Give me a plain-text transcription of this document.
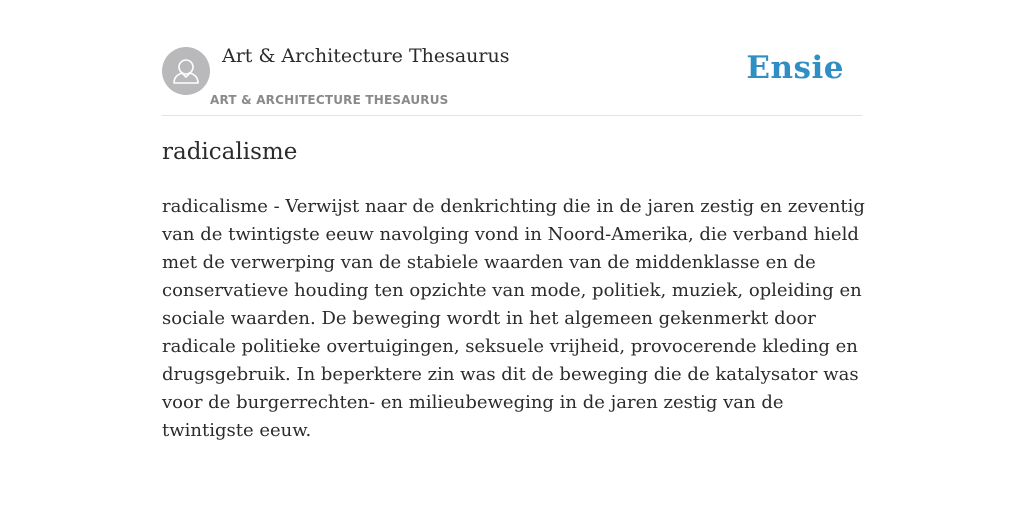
Art & Architecture Thesaurus
ART & ARCHITECTURE THESAURUS
Ensie
radicalisme

radicalisme - Verwijst naar de denkrichting die in de jaren zestig en zeventig van de twintigste eeuw navolging vond in Noord-Amerika, die verband hield met de verwerping van de stabiele waarden van de middenklasse en de conservatieve houding ten opzichte van mode, politiek, muziek, opleiding en sociale waarden. De beweging wordt in het algemeen gekenmerkt door radicale politieke overtuigingen, seksuele vrijheid, provocerende kleding en drugsgebruik. In beperktere zin was dit de beweging die de katalysator was voor de burgerrechten- en milieubeweging in de jaren zestig van de twintigste eeuw.
